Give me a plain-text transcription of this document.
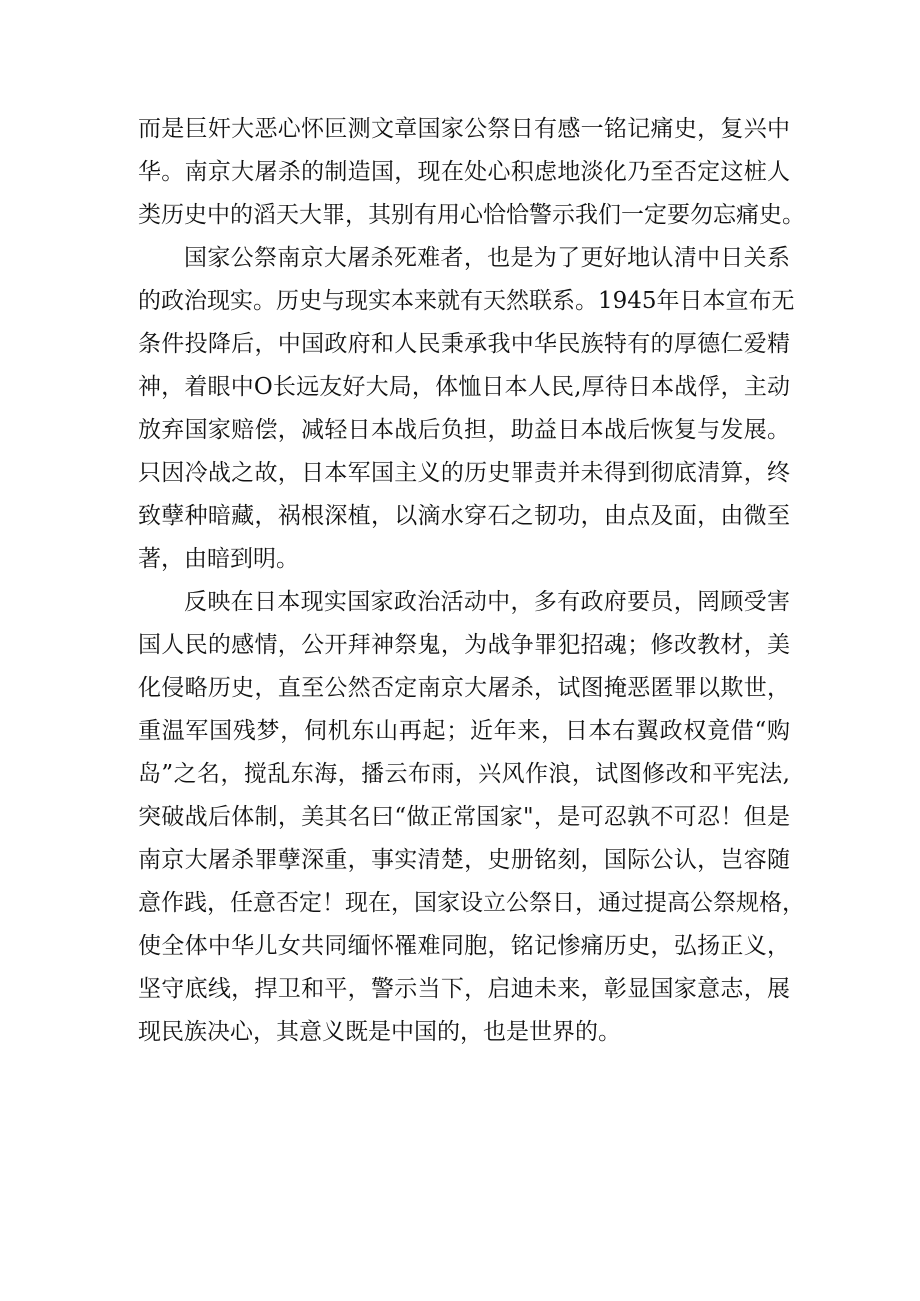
而是巨奸大恶心怀叵测文章国家公祭日有感一铭记痛史，复兴中
华。南京大屠杀的制造国，现在处心积虑地淡化乃至否定这桩人
类历史中的滔天大罪，其别有用心恰恰警示我们一定要勿忘痛史。
国家公祭南京大屠杀死难者，也是为了更好地认清中日关系
的政治现实。历史与现实本来就有天然联系。1945年日本宣布无
条件投降后，中国政府和人民秉承我中华民族特有的厚德仁爱精
神，着眼中O长远友好大局，体恤日本人民,厚待日本战俘，主动
放弃国家赔偿，减轻日本战后负担，助益日本战后恢复与发展。
只因冷战之故，日本军国主义的历史罪责并未得到彻底清算，终
致孽种暗藏，祸根深植，以滴水穿石之韧功，由点及面，由微至
著，由暗到明。
反映在日本现实国家政治活动中，多有政府要员，罔顾受害
国人民的感情，公开拜神祭鬼，为战争罪犯招魂；修改教材，美
化侵略历史，直至公然否定南京大屠杀，试图掩恶匿罪以欺世，
重温军国残梦，伺机东山再起；近年来，日本右翼政权竟借“购
岛”之名，搅乱东海，播云布雨，兴风作浪，试图修改和平宪法,
突破战后体制，美其名曰“做正常国家"，是可忍孰不可忍！但是
南京大屠杀罪孽深重，事实清楚，史册铭刻，国际公认，岂容随
意作践，任意否定！现在，国家设立公祭日，通过提高公祭规格，
使全体中华儿女共同缅怀罹难同胞，铭记惨痛历史，弘扬正义，
坚守底线，捍卫和平，警示当下，启迪未来，彰显国家意志，展
现民族决心，其意义既是中国的，也是世界的。
